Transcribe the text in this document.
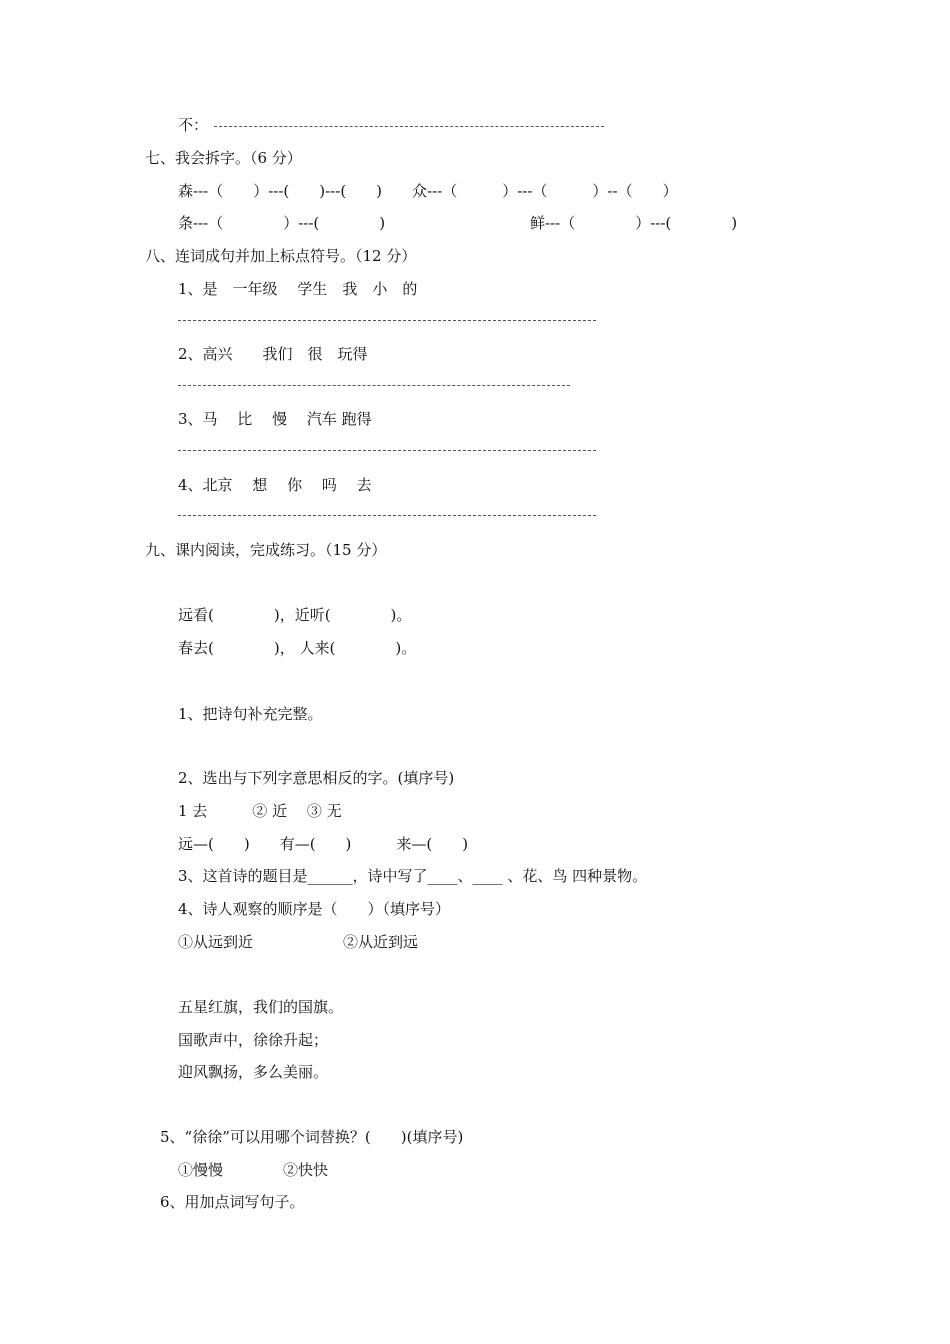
不：
七、我会拆字。（6 分）
森---（　　）---(　　)---(　　)　　众---（　　　）---（　　　）--（　　）
条---（　　　　）---(　　　　)	鲜---（　　　　）---(　　　　)
八、连词成句并加上标点符号。（12 分）
1、是　一年级　 学生　我　小　的
2、高兴　　我们　很　玩得
3、马　 比　 慢　 汽车 跑得
4、北京　 想　 你　 吗　 去
九、课内阅读，完成练习。（15 分）
远看(　　　　)，近听(　　　　)。
春去(　　　　)， 人来(　　　　)。
1、把诗句补充完整。
2、选出与下列字意思相反的字。(填序号)
1 去　　　② 近　 ③ 无
远—(　　)　　有—(　　)　　　来—(　　)
3、这首诗的题目是______，诗中写了____、____ 、花、鸟 四种景物。
4、诗人观察的顺序是（　　）（填序号）
①从远到近　　　　　　②从近到远
五星红旗，我们的国旗。
国歌声中，徐徐升起；
迎风飘扬，多么美丽。
5、“徐徐”可以用哪个词替换？(　　)(填序号)
①慢慢　　　　②快快
6、用加点词写句子。
